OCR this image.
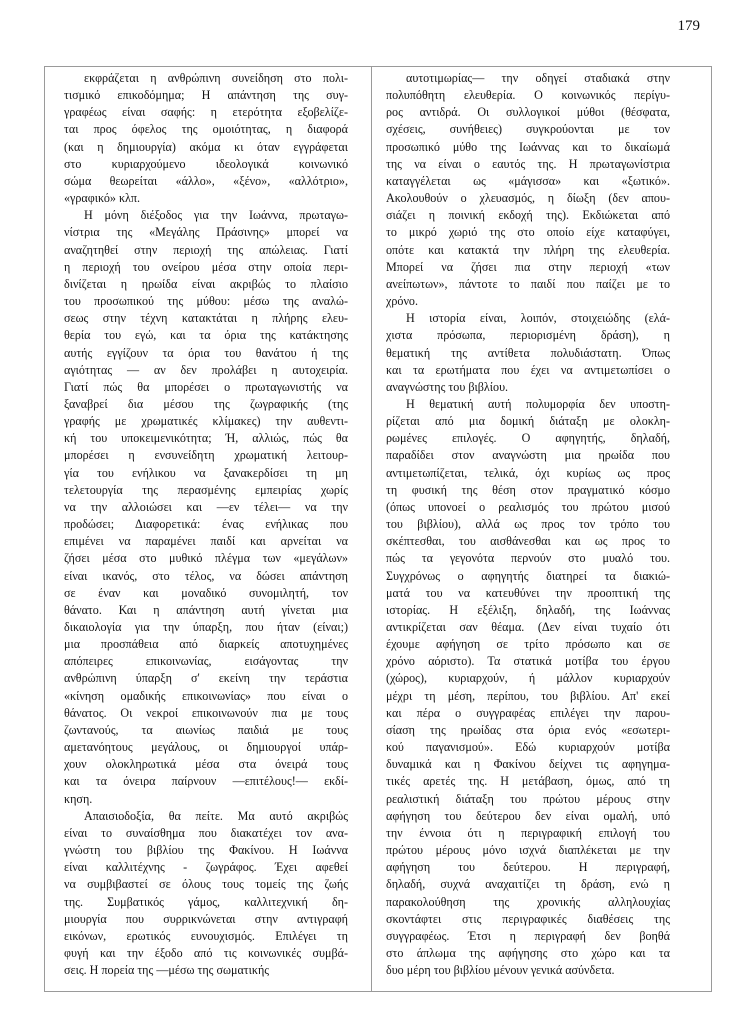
179
εκφράζεται η ανθρώπινη συνείδηση στο πολι-
τισμικό επικοδόμημα; Η απάντηση της συγ-
γραφέως είναι σαφής: η ετερότητα εξοβελίζε-
ται προς όφελος της ομοιότητας, η διαφορά
(και η δημιουργία) ακόμα κι όταν εγγράφεται
στο κυριαρχούμενο ιδεολογικά κοινωνικό
σώμα θεωρείται «άλλο», «ξένο», «αλλότριο»,
«γραφικό» κλπ.
Η μόνη διέξοδος για την Ιωάννα, πρωταγω-
νίστρια της «Μεγάλης Πράσινης» μπορεί να
αναζητηθεί στην περιοχή της απώλειας. Γιατί
η περιοχή του ονείρου μέσα στην οποία περι-
δινίζεται η ηρωίδα είναι ακριβώς το πλαίσιο
του προσωπικού της μύθου: μέσω της αναλώ-
σεως στην τέχνη κατακτάται η πλήρης ελευ-
θερία του εγώ, και τα όρια της κατάκτησης
αυτής εγγίζουν τα όρια του θανάτου ή της
αγιότητας — αν δεν προλάβει η αυτοχειρία.
Γιατί πώς θα μπορέσει ο πρωταγωνιστής να
ξαναβρεί δια μέσου της ζωγραφικής (της
γραφής με χρωματικές κλίμακες) την αυθεντι-
κή του υποκειμενικότητα; Ή, αλλιώς, πώς θα
μπορέσει η ενσυνείδητη χρωματική λειτουρ-
γία του ενήλικου να ξανακερδίσει τη μη
τελετουργία της περασμένης εμπειρίας χωρίς
να την αλλοιώσει και —εν τέλει— να την
προδώσει; Διαφορετικά: ένας ενήλικας που
επιμένει να παραμένει παιδί και αρνείται να
ζήσει μέσα στο μυθικό πλέγμα των «μεγάλων»
είναι ικανός, στο τέλος, να δώσει απάντηση
σε έναν και μοναδικό συνομιλητή, τον
θάνατο. Και η απάντηση αυτή γίνεται μια
δικαιολογία για την ύπαρξη, που ήταν (είναι;)
μια προσπάθεια από διαρκείς αποτυχημένες
απόπειρες επικοινωνίας, εισάγοντας την
ανθρώπινη ύπαρξη σ' εκείνη την τεράστια
«κίνηση ομαδικής επικοινωνίας» που είναι ο
θάνατος. Οι νεκροί επικοινωνούν πια με τους
ζωντανούς, τα αιωνίως παιδιά με τους
αμετανόητους μεγάλους, οι δημιουργοί υπάρ-
χουν ολοκληρωτικά μέσα στα όνειρά τους
και τα όνειρα παίρνουν —επιτέλους!— εκδί-
κηση.
Απαισιοδοξία, θα πείτε. Μα αυτό ακριβώς
είναι το συναίσθημα που διακατέχει τον ανα-
γνώστη του βιβλίου της Φακίνου. Η Ιωάννα
είναι καλλιτέχνης - ζωγράφος. Έχει αφεθεί
να συμβιβαστεί σε όλους τους τομείς της ζωής
της. Συμβατικός γάμος, καλλιτεχνική δη-
μιουργία που συρρικνώνεται στην αντιγραφή
εικόνων, ερωτικός ευνουχισμός. Επιλέγει τη
φυγή και την έξοδο από τις κοινωνικές συμβά-
σεις. Η πορεία της —μέσω της σωματικής
αυτοτιμωρίας— την οδηγεί σταδιακά στην
πολυπόθητη ελευθερία. Ο κοινωνικός περίγυ-
ρος αντιδρά. Οι συλλογικοί μύθοι (θέσφατα,
σχέσεις, συνήθειες) συγκρούονται με τον
προσωπικό μύθο της Ιωάννας και το δικαίωμά
της να είναι ο εαυτός της. Η πρωταγωνίστρια
καταγγέλεται ως «μάγισσα» και «ξωτικό».
Ακολουθούν ο χλευασμός, η δίωξη (δεν απου-
σιάζει η ποινική εκδοχή της). Εκδιώκεται από
το μικρό χωριό της στο οποίο είχε καταφύγει,
οπότε και κατακτά την πλήρη της ελευθερία.
Μπορεί να ζήσει πια στην περιοχή «των
ανείπωτων», πάντοτε το παιδί που παίζει με το
χρόνο.
Η ιστορία είναι, λοιπόν, στοιχειώδης (ελά-
χιστα πρόσωπα, περιορισμένη δράση), η
θεματική της αντίθετα πολυδιάστατη. Όπως
και τα ερωτήματα που έχει να αντιμετωπίσει ο
αναγνώστης του βιβλίου.
Η θεματική αυτή πολυμορφία δεν υποστη-
ρίζεται από μια δομική διάταξη με ολοκλη-
ρωμένες επιλογές. Ο αφηγητής, δηλαδή,
παραδίδει στον αναγνώστη μια ηρωίδα που
αντιμετωπίζεται, τελικά, όχι κυρίως ως προς
τη φυσική της θέση στον πραγματικό κόσμο
(όπως υπονοεί ο ρεαλισμός του πρώτου μισού
του βιβλίου), αλλά ως προς τον τρόπο του
σκέπτεσθαι, του αισθάνεσθαι και ως προς το
πώς τα γεγονότα περνούν στο μυαλό του.
Συγχρόνως ο αφηγητής διατηρεί τα διακιώ-
ματά του να κατευθύνει την προοπτική της
ιστορίας. Η εξέλιξη, δηλαδή, της Ιωάννας
αντικρίζεται σαν θέαμα. (Δεν είναι τυχαίο ότι
έχουμε αφήγηση σε τρίτο πρόσωπο και σε
χρόνο αόριστο). Τα στατικά μοτίβα του έργου
(χώρος), κυριαρχούν, ή μάλλον κυριαρχούν
μέχρι τη μέση, περίπου, του βιβλίου. Απ' εκεί
και πέρα ο συγγραφέας επιλέγει την παρου-
σίαση της ηρωίδας στα όρια ενός «εσωτερι-
κού παγανισμού». Εδώ κυριαρχούν μοτίβα
δυναμικά και η Φακίνου δείχνει τις αφηγημα-
τικές αρετές της. Η μετάβαση, όμως, από τη
ρεαλιστική διάταξη του πρώτου μέρους στην
αφήγηση του δεύτερου δεν είναι ομαλή, υπό
την έννοια ότι η περιγραφική επιλογή του
πρώτου μέρους μόνο ισχνά διαπλέκεται με την
αφήγηση του δεύτερου. Η περιγραφή,
δηλαδή, συχνά αναχαιτίζει τη δράση, ενώ η
παρακολούθηση της χρονικής αλληλουχίας
σκοντάφτει στις περιγραφικές διαθέσεις της
συγγραφέως. Έτσι η περιγραφή δεν βοηθά
στο άπλωμα της αφήγησης στο χώρο και τα
δυο μέρη του βιβλίου μένουν γενικά ασύνδετα.
